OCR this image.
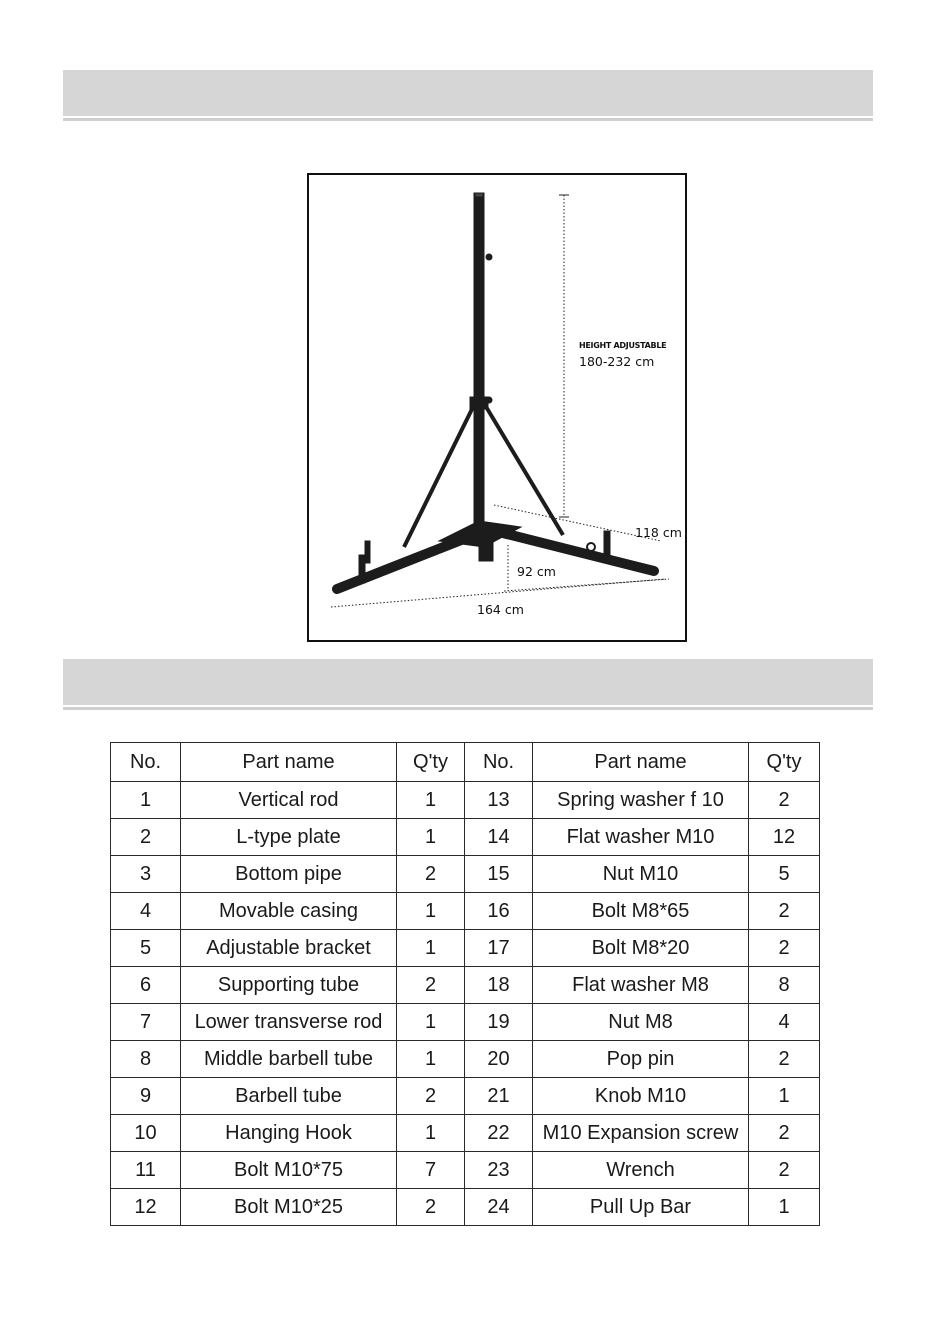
HEIGHT ADJUSTABLE
180-232 cm
118 cm
92 cm
164 cm
No.	Part name	Q'ty	No.	Part name	Q'ty
1	Vertical rod	1	13	Spring washer f 10	2
2	L-type plate	1	14	Flat washer M10	12
3	Bottom pipe	2	15	Nut M10	5
4	Movable casing	1	16	Bolt M8*65	2
5	Adjustable bracket	1	17	Bolt M8*20	2
6	Supporting tube	2	18	Flat washer M8	8
7	Lower transverse rod	1	19	Nut M8	4
8	Middle barbell tube	1	20	Pop pin	2
9	Barbell tube	2	21	Knob M10	1
10	Hanging Hook	1	22	M10 Expansion screw	2
11	Bolt M10*75	7	23	Wrench	2
12	Bolt M10*25	2	24	Pull Up Bar	1
